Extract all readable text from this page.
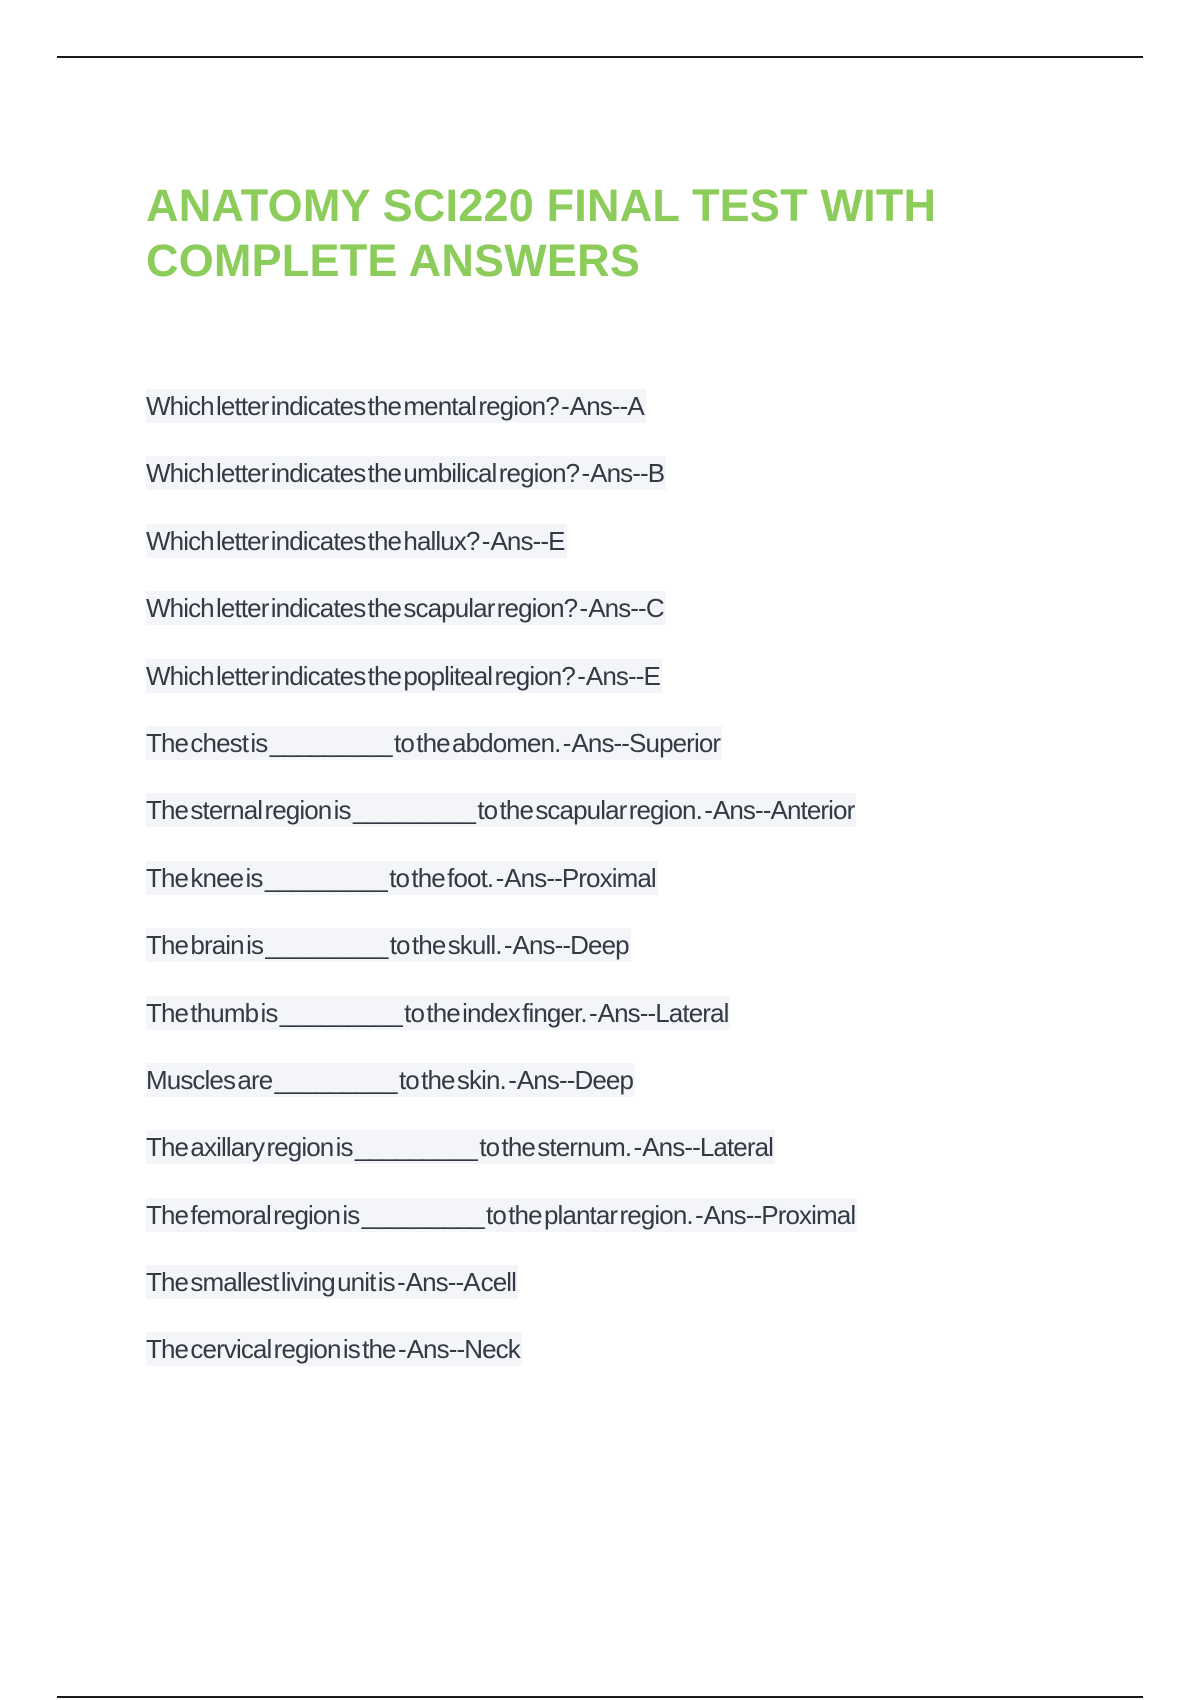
ANATOMY SCI220 FINAL TEST WITH COMPLETE ANSWERS
Which letter indicates the mental region? - Ans--A
Which letter indicates the umbilical region? - Ans--B
Which letter indicates the hallux? - Ans--E
Which letter indicates the scapular region? - Ans--C
Which letter indicates the popliteal region? - Ans--E
The chest is _________ to the abdomen. - Ans--Superior
The sternal region is _________ to the scapular region. - Ans--Anterior
The knee is _________ to the foot. - Ans--Proximal
The brain is _________ to the skull. - Ans--Deep
The thumb is _________ to the index finger. - Ans--Lateral
Muscles are _________ to the skin. - Ans--Deep
The axillary region is _________ to the sternum. - Ans--Lateral
The femoral region is _________ to the plantar region. - Ans--Proximal
The smallest living unit is - Ans--A cell
The cervical region is the - Ans--Neck
